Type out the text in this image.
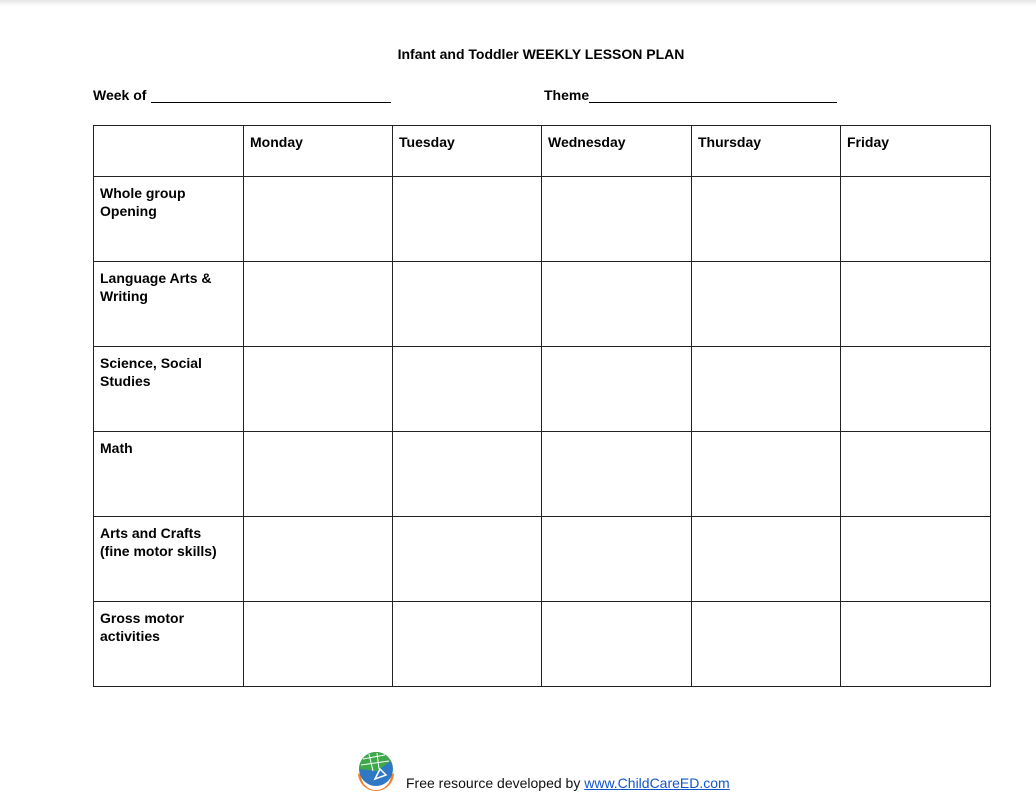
Infant and Toddler WEEKLY LESSON PLAN
Week of	Theme
	Monday	Tuesday	Wednesday	Thursday	Friday

Whole group
Opening					

Language Arts &
Writing					

Science, Social
Studies					

Math					

Arts and Crafts
(fine motor skills)					

Gross motor
activities					

Free resource developed by www.ChildCareED.com
